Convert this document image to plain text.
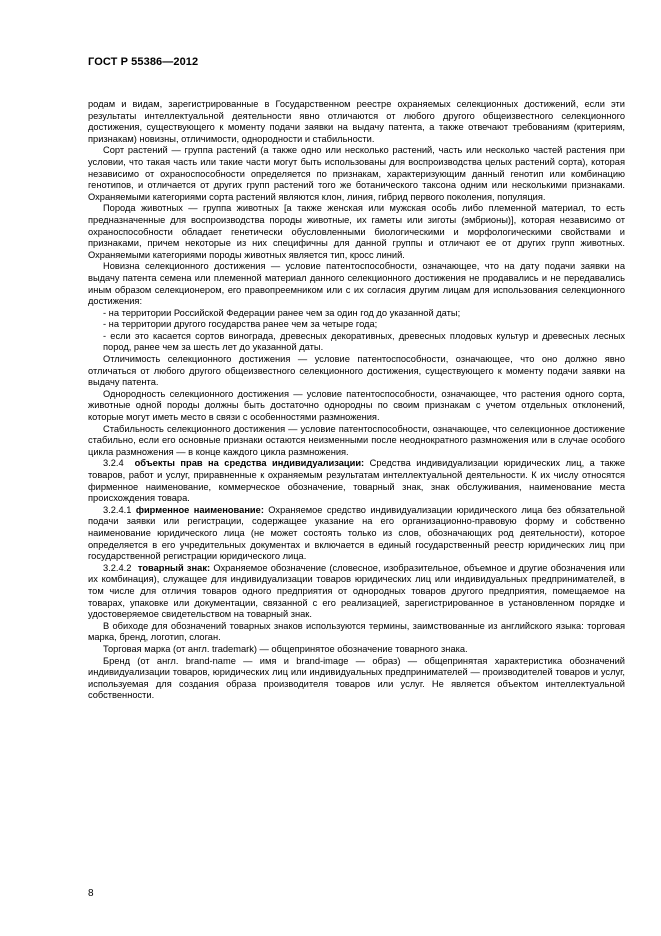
ГОСТ Р 55386—2012

родам и видам, зарегистрированные в Государственном реестре охраняемых селекционных достижений, если эти результаты интеллектуальной деятельности явно отличаются от любого другого общеизвестного селекционного достижения, существующего к моменту подачи заявки на выдачу патента, а также отвечают требованиям (критериям, признакам) новизны, отличимости, однородности и стабильности.

Сорт растений — группа растений (а также одно или несколько растений, часть или несколько частей растения при условии, что такая часть или такие части могут быть использованы для воспроизводства целых растений сорта), которая независимо от охраноспособности определяется по признакам, характеризующим данный генотип или комбинацию генотипов, и отличается от других групп растений того же ботанического таксона одним или несколькими признаками. Охраняемыми категориями сорта растений являются клон, линия, гибрид первого поколения, популяция.

Порода животных — группа животных [а также женская или мужская особь либо племенной материал, то есть предназначенные для воспроизводства породы животные, их гаметы или зиготы (эмбрионы)], которая независимо от охраноспособности обладает генетически обусловленными биологическими и морфологическими свойствами и признаками, причем некоторые из них специфичны для данной группы и отличают ее от других групп животных. Охраняемыми категориями породы животных является тип, кросс линий.

Новизна селекционного достижения — условие патентоспособности, означающее, что на дату подачи заявки на выдачу патента семена или племенной материал данного селекционного достижения не продавались и не передавались иным образом селекционером, его правопреемником или с их согласия другим лицам для использования селекционного достижения:

- на территории Российской Федерации ранее чем за один год до указанной даты;

- на территории другого государства ранее чем за четыре года;

- если это касается сортов винограда, древесных декоративных, древесных плодовых культур и древесных лесных пород, ранее чем за шесть лет до указанной даты.

Отличимость селекционного достижения — условие патентоспособности, означающее, что оно должно явно отличаться от любого другого общеизвестного селекционного достижения, существующего к моменту подачи заявки на выдачу патента.

Однородность селекционного достижения — условие патентоспособности, означающее, что растения одного сорта, животные одной породы должны быть достаточно однородны по своим признакам с учетом отдельных отклонений, которые могут иметь место в связи с особенностями размножения.

Стабильность селекционного достижения — условие патентоспособности, означающее, что селекционное достижение стабильно, если его основные признаки остаются неизменными после неоднократного размножения или в случае особого цикла размножения — в конце каждого цикла размножения.

3.2.4 объекты прав на средства индивидуализации: Средства индивидуализации юридических лиц, а также товаров, работ и услуг, приравненные к охраняемым результатам интеллектуальной деятельности. К их числу относятся фирменное наименование, коммерческое обозначение, товарный знак, знак обслуживания, наименование места происхождения товара.

3.2.4.1 фирменное наименование: Охраняемое средство индивидуализации юридического лица без обязательной подачи заявки или регистрации, содержащее указание на его организационно-правовую форму и собственно наименование юридического лица (не может состоять только из слов, обозначающих род деятельности), которое определяется в его учредительных документах и включается в единый государственный реестр юридических лиц при государственной регистрации юридического лица.

3.2.4.2 товарный знак: Охраняемое обозначение (словесное, изобразительное, объемное и другие обозначения или их комбинация), служащее для индивидуализации товаров юридических лиц или индивидуальных предпринимателей, в том числе для отличия товаров одного предприятия от однородных товаров другого предприятия, помещаемое на товарах, упаковке или документации, связанной с его реализацией, зарегистрированное в установленном порядке и удостоверяемое свидетельством на товарный знак.

В обиходе для обозначений товарных знаков используются термины, заимствованные из английского языка: торговая марка, бренд, логотип, слоган.

Торговая марка (от англ. trademark) — общепринятое обозначение товарного знака.

Бренд (от англ. brand-name — имя и brand-image — образ) — общепринятая характеристика обозначений индивидуализации товаров, юридических лиц или индивидуальных предпринимателей — производителей товаров и услуг, используемая для создания образа производителя товаров или услуг. Не является объектом интеллектуальной собственности.

8
